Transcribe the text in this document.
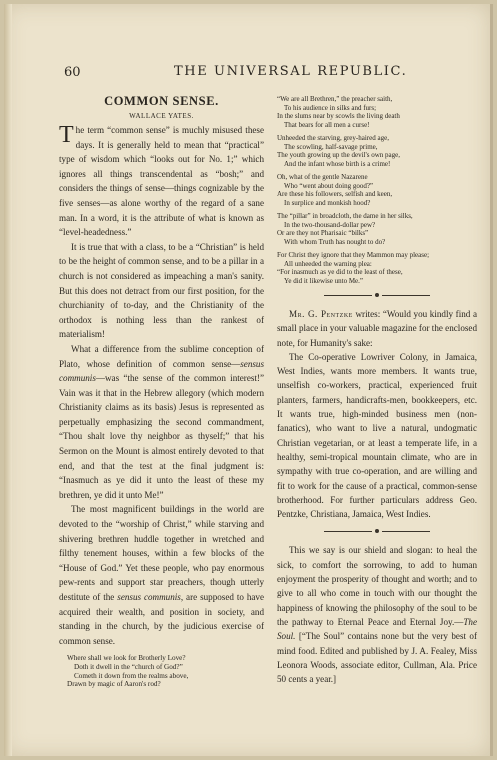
60	THE UNIVERSAL REPUBLIC.
COMMON SENSE.
WALLACE YATES.

The term “common sense” is muchly misused these days. It is generally held to mean that “practical” type of wisdom which “looks out for No. 1;” which ignores all things transcendental as “bosh;” and considers the things of sense—things cognizable by the five senses—as alone worthy of the regard of a sane man. In a word, it is the attribute of what is known as “level-headedness.”

It is true that with a class, to be a “Christian” is held to be the height of common sense, and to be a pillar in a church is not considered as impeaching a man's sanity. But this does not detract from our first position, for the churchianity of to-day, and the Christianity of the orthodox is nothing less than the rankest of materialism!

What a difference from the sublime conception of Plato, whose definition of common sense—sensus communis—was “the sense of the common interest!” Vain was it that in the Hebrew allegory (which modern Christianity claims as its basis) Jesus is represented as perpetually emphasizing the second commandment, “Thou shalt love thy neighbor as thyself;” that his Sermon on the Mount is almost entirely devoted to that end, and that the test at the final judgment is: “Inasmuch as ye did it unto the least of these my brethren, ye did it unto Me!”

The most magnificent buildings in the world are devoted to the “worship of Christ,” while starving and shivering brethren huddle together in wretched and filthy tenement houses, within a few blocks of the “House of God.” Yet these people, who pay enormous pew-rents and support star preachers, though utterly destitute of the sensus communis, are supposed to have acquired their wealth, and position in society, and standing in the church, by the judicious exercise of common sense.

Where shall we look for Brotherly Love?
Doth it dwell in the “church of God?”
Cometh it down from the realms above,
Drawn by magic of Aaron's rod?
“We are all Brethren,” the preacher saith,
To his audience in silks and furs;
In the slums near by scowls the living death
That bears for all men a curse!
Unheeded the starving, grey-haired age,
The scowling, half-savage prime,
The youth growing up the devil's own page,
And the infant whose birth is a crime!
Oh, what of the gentle Nazarene
Who “went about doing good?”
Are these his followers, selfish and keen,
In surplice and monkish hood?
The “pillar” in broadcloth, the dame in her silks,
In the two-thousand-dollar pew?
Or are they not Pharisaic “bilks”
With whom Truth has nought to do?
For Christ they ignore that they Mammon may please;
All unheeded the warning plea:
“For inasmuch as ye did to the least of these,
Ye did it likewise unto Me.”

Mr. G. Pentzke writes: “Would you kindly find a small place in your valuable magazine for the enclosed note, for Humanity's sake:

The Co-operative Lowriver Colony, in Jamaica, West Indies, wants more members. It wants true, unselfish co-workers, practical, experienced fruit planters, farmers, handicrafts-men, bookkeepers, etc. It wants true, high-minded business men (non-fanatics), who want to live a natural, undogmatic Christian vegetarian, or at least a temperate life, in a healthy, semi-tropical mountain climate, who are in sympathy with true co-operation, and are willing and fit to work for the cause of a practical, common-sense brotherhood. For further particulars address Geo. Pentzke, Christiana, Jamaica, West Indies.

This we say is our shield and slogan: to heal the sick, to comfort the sorrowing, to add to human enjoyment the prosperity of thought and worth; and to give to all who come in touch with our thought the happiness of knowing the philosophy of the soul to be the pathway to Eternal Peace and Eternal Joy.—The Soul. [“The Soul” contains none but the very best of mind food. Edited and published by J. A. Fealey, Miss Leonora Woods, associate editor, Cullman, Ala. Price 50 cents a year.]
